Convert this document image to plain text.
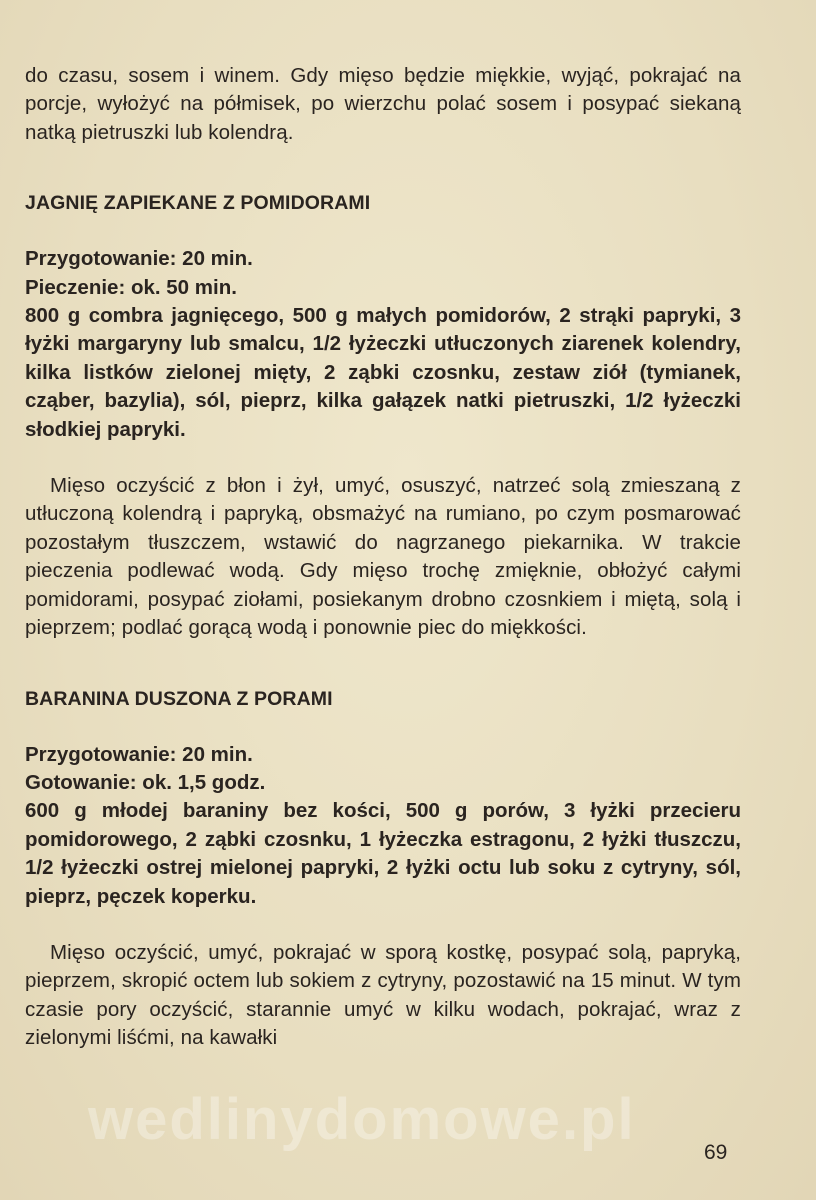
do czasu, sosem i winem. Gdy mięso będzie miękkie, wyjąć, pokrajać na porcje, wyłożyć na półmisek, po wierzchu polać sosem i posypać siekaną natką pietruszki lub kolendrą.

JAGNIĘ ZAPIEKANE Z POMIDORAMI

Przygotowanie: 20 min.

Pieczenie: ok. 50 min.

800 g combra jagnięcego, 500 g małych pomidorów, 2 strąki papryki, 3 łyżki margaryny lub smalcu, 1/2 łyżeczki utłuczonych ziarenek kolendry, kilka listków zielonej mięty, 2 ząbki czosnku, zestaw ziół (tymianek, cząber, bazylia), sól, pieprz, kilka gałązek natki pietruszki, 1/2 łyżeczki słodkiej papryki.

Mięso oczyścić z błon i żył, umyć, osuszyć, natrzeć solą zmieszaną z utłuczoną kolendrą i papryką, obsmażyć na rumiano, po czym posmarować pozostałym tłuszczem, wstawić do nagrzanego piekarnika. W trakcie pieczenia podlewać wodą. Gdy mięso trochę zmięknie, obłożyć całymi pomidorami, posypać ziołami, posiekanym drobno czosnkiem i miętą, solą i pieprzem; podlać gorącą wodą i ponownie piec do miękkości.

BARANINA DUSZONA Z PORAMI

Przygotowanie: 20 min.

Gotowanie: ok. 1,5 godz.

600 g młodej baraniny bez kości, 500 g porów, 3 łyżki przecieru pomidorowego, 2 ząbki czosnku, 1 łyżeczka estragonu, 2 łyżki tłuszczu, 1/2 łyżeczki ostrej mielonej papryki, 2 łyżki octu lub soku z cytryny, sól, pieprz, pęczek koperku.

Mięso oczyścić, umyć, pokrajać w sporą kostkę, posypać solą, papryką, pieprzem, skropić octem lub sokiem z cytryny, pozostawić na 15 minut. W tym czasie pory oczyścić, starannie umyć w kilku wodach, pokrajać, wraz z zielonymi liśćmi, na kawałki

wedlinydomowe.pl
69
